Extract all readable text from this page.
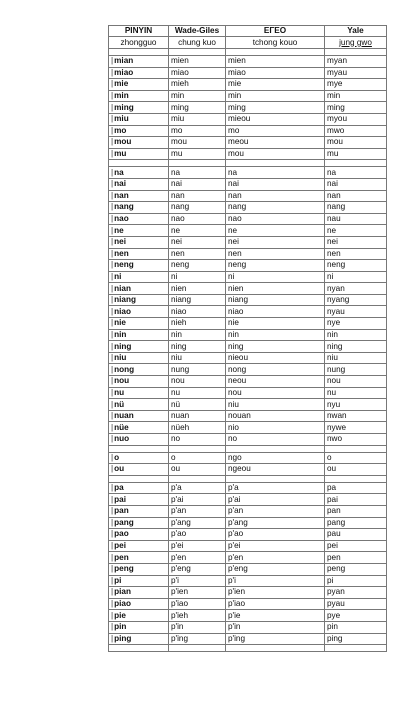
PINYIN	Wade-Giles	ΕΓΕΟ	Yale
zhongguo	chung kuo	tchong kouo	jung gwo

| mian	mien	mien	myan
| miao	miao	miao	myau
| mie	mieh	mie	mye
| min	min	min	min
| ming	ming	ming	ming
| miu	miu	mieou	myou
| mo	mo	mo	mwo
| mou	mou	meou	mou
| mu	mu	mou	mu

| na	na	na	na
| nai	nai	nai	nai
| nan	nan	nan	nan
| nang	nang	nang	nang
| nao	nao	nao	nau
| ne	ne	ne	ne
| nei	nei	nei	nei
| nen	nen	nen	nen
| neng	neng	neng	neng
| ni	ni	ni	ni
| nian	nien	nien	nyan
| niang	niang	niang	nyang
| niao	niao	niao	nyau
| nie	nieh	nie	nye
| nin	nin	nin	nin
| ning	ning	ning	ning
| niu	niu	nieou	niu
| nong	nung	nong	nung
| nou	nou	neou	nou
| nu	nu	nou	nu
| nü	nü	niu	nyu
| nuan	nuan	nouan	nwan
| nüe	nüeh	nio	nywe
| nuo	no	no	nwo

| o	o	ngo	o
| ou	ou	ngeou	ou

| pa	p'a	p'a	pa
| pai	p'ai	p'ai	pai
| pan	p'an	p'an	pan
| pang	p'ang	p'ang	pang
| pao	p'ao	p'ao	pau
| pei	p'ei	p'ei	pei
| pen	p'en	p'en	pen
| peng	p'eng	p'eng	peng
| pi	p'i	p'i	pi
| pian	p'ien	p'ien	pyan
| piao	p'iao	p'iao	pyau
| pie	p'ieh	p'ie	pye
| pin	p'in	p'in	pin
| ping	p'ing	p'ing	ping
